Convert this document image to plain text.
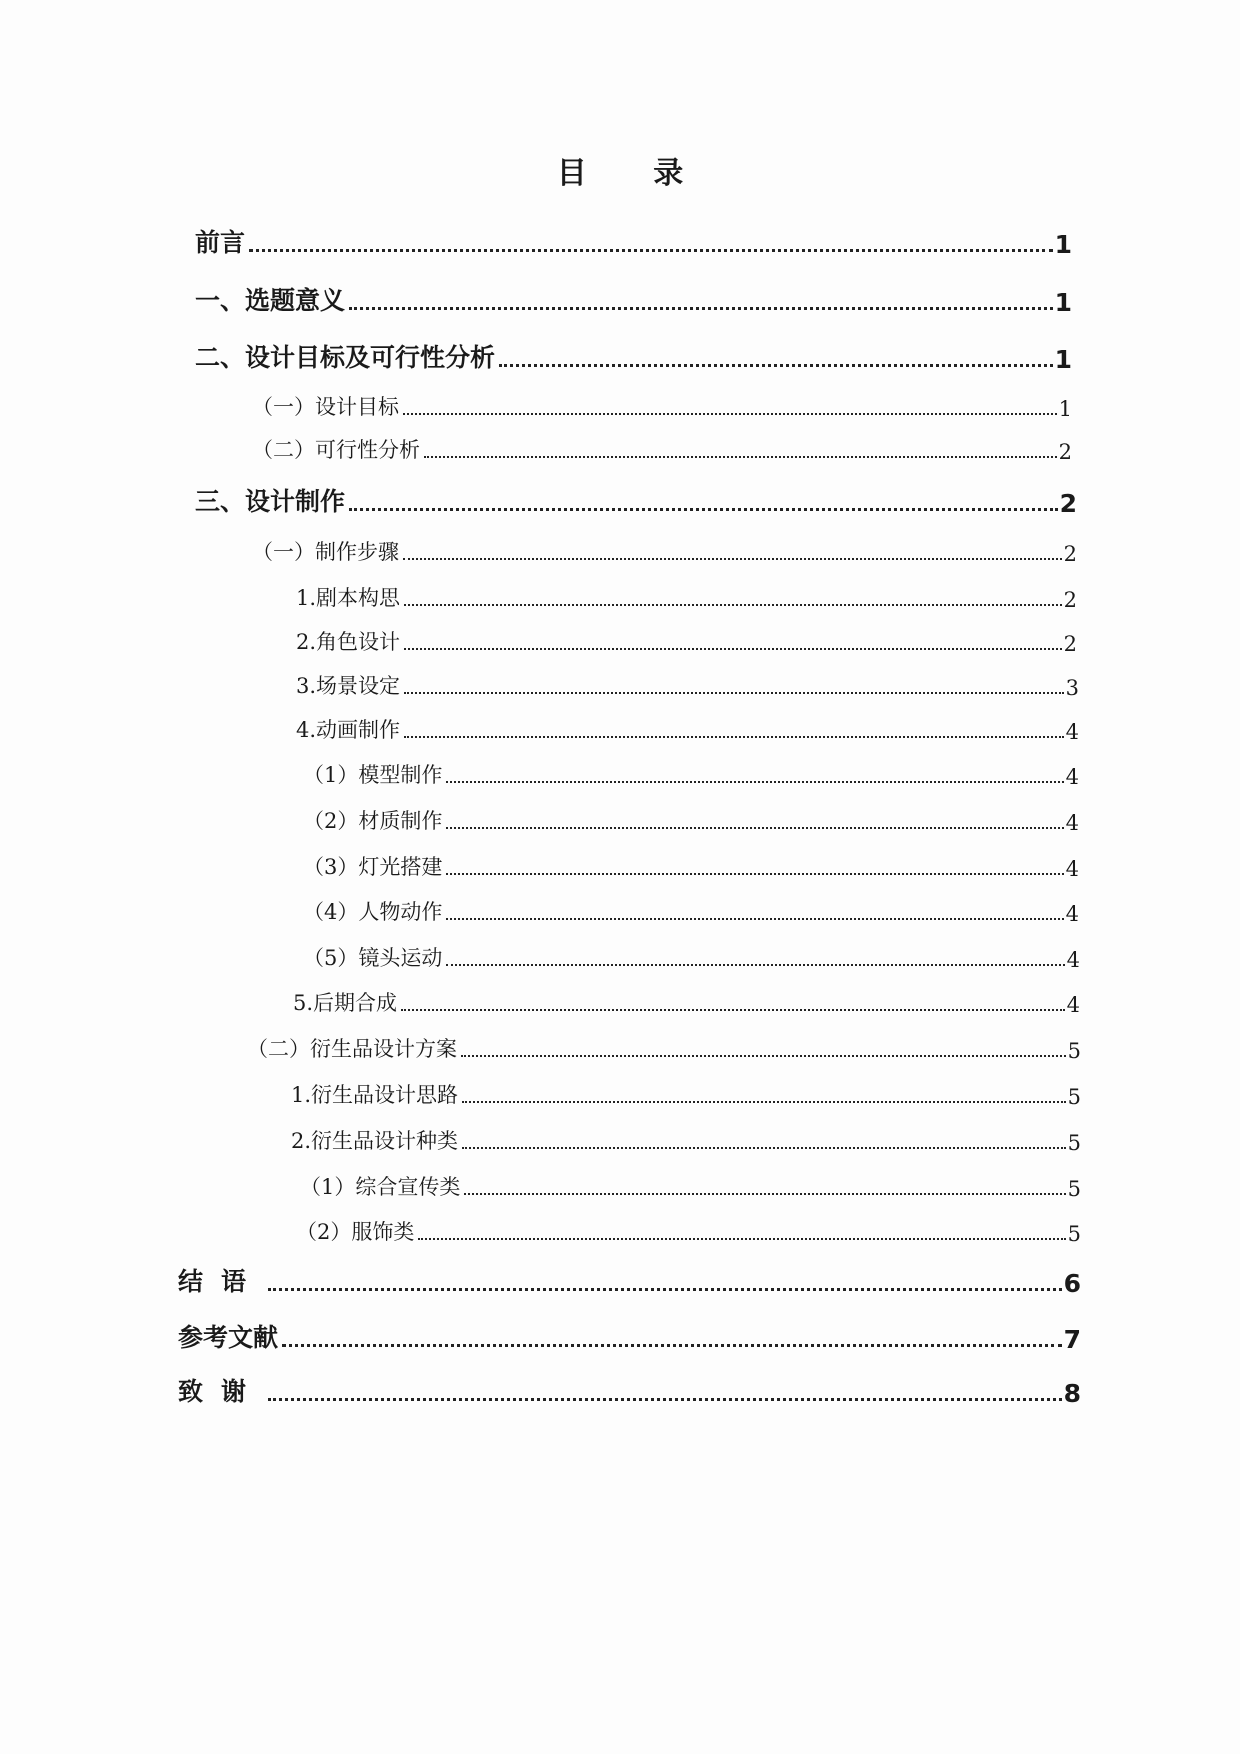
目 录
前言	1
一、选题意义	1
二、设计目标及可行性分析	1
（一）设计目标	1
（二）可行性分析	2
三、设计制作	2
（一）制作步骤	2
1.剧本构思	2
2.角色设计	2
3.场景设定	3
4.动画制作	4
（1）模型制作	4
（2）材质制作	4
（3）灯光搭建	4
（4）人物动作	4
（5）镜头运动	4
5.后期合成	4
（二）衍生品设计方案	5
1.衍生品设计思路	5
2.衍生品设计种类	5
（1）综合宣传类	5
（2）服饰类	5
结语	6
参考文献	7
致谢	8
